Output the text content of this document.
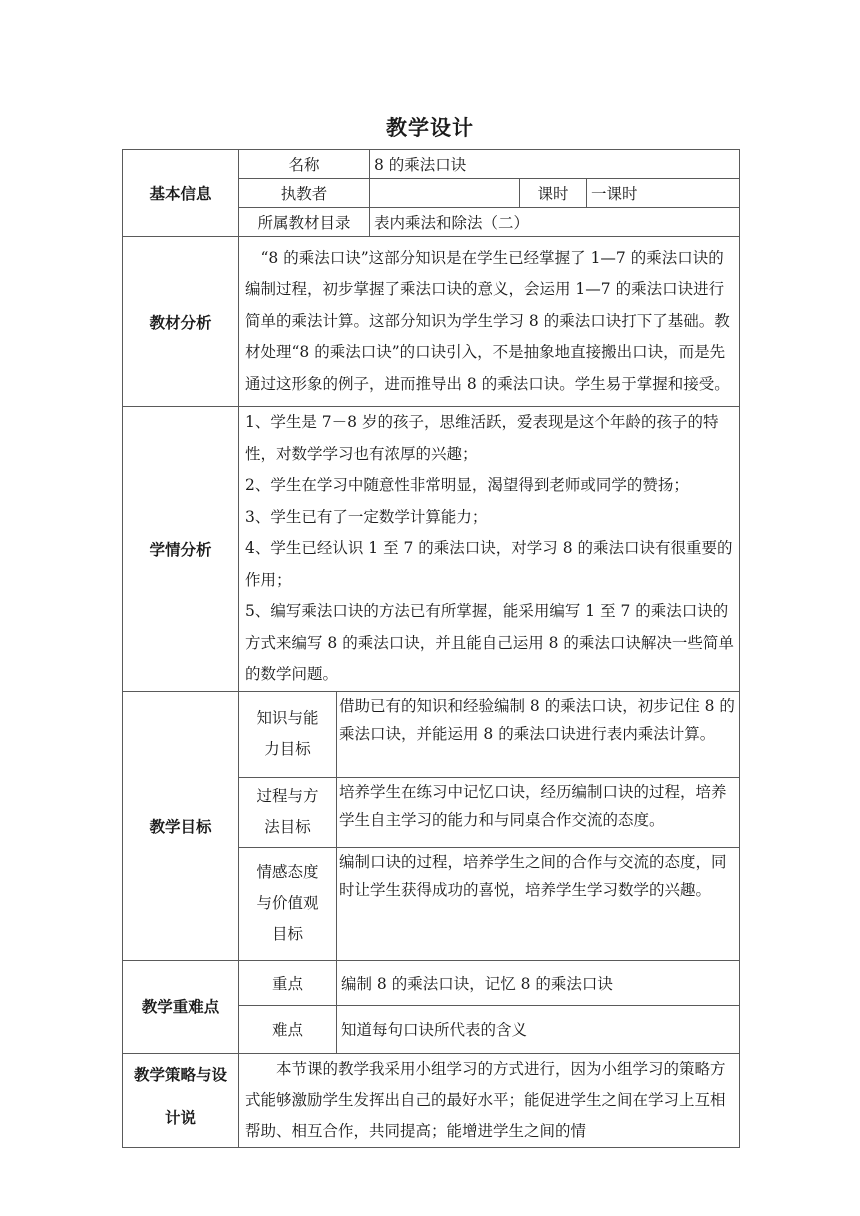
教学设计
基本信息	名称		8 的乘法口诀		
	执教者			课时	一课时
	所属教材目录		表内乘法和除法（二）		
教材分析	“8 的乘法口诀”这部分知识是在学生已经掌握了 1—7 的乘法口诀的编制过程，初步掌握了乘法口诀的意义，会运用 1—7 的乘法口诀进行简单的乘法计算。这部分知识为学生学习 8 的乘法口诀打下了基础。教材处理“8 的乘法口诀”的口诀引入，不是抽象地直接搬出口诀，而是先通过这形象的例子，进而推导出 8 的乘法口诀。学生易于掌握和接受。				
学情分析	1、学生是 7－8 岁的孩子，思维活跃，爱表现是这个年龄的孩子的特性，对数学学习也有浓厚的兴趣；

2、学生在学习中随意性非常明显，渴望得到老师或同学的赞扬；

3、学生已有了一定数学计算能力；

4、学生已经认识 1 至 7 的乘法口诀，对学习 8 的乘法口诀有很重要的作用；

5、编写乘法口诀的方法已有所掌握，能采用编写 1 至 7 的乘法口诀的方式来编写 8 的乘法口诀，并且能自己运用 8 的乘法口诀解决一些简单的数学问题。				

教学目标	知识与能力目标	借助已有的知识和经验编制 8 的乘法口诀，初步记住 8 的乘法口诀，并能运用 8 的乘法口诀进行表内乘法计算。			
	过程与方法目标	培养学生在练习中记忆口诀，经历编制口诀的过程，培养学生自主学习的能力和与同桌合作交流的态度。			
	情感态度与价值观目标	编制口诀的过程，培养学生之间的合作与交流的态度，同时让学生获得成功的喜悦，培养学生学习数学的兴趣。			
教学重难点	重点	编制 8 的乘法口诀，记忆 8 的乘法口诀			
	难点	知道每句口诀所代表的含义			
教学策略与设计说	本节课的教学我采用小组学习的方式进行，因为小组学习的策略方式能够激励学生发挥出自己的最好水平；能促进学生之间在学习上互相帮助、相互合作，共同提高；能增进学生之间的情				
